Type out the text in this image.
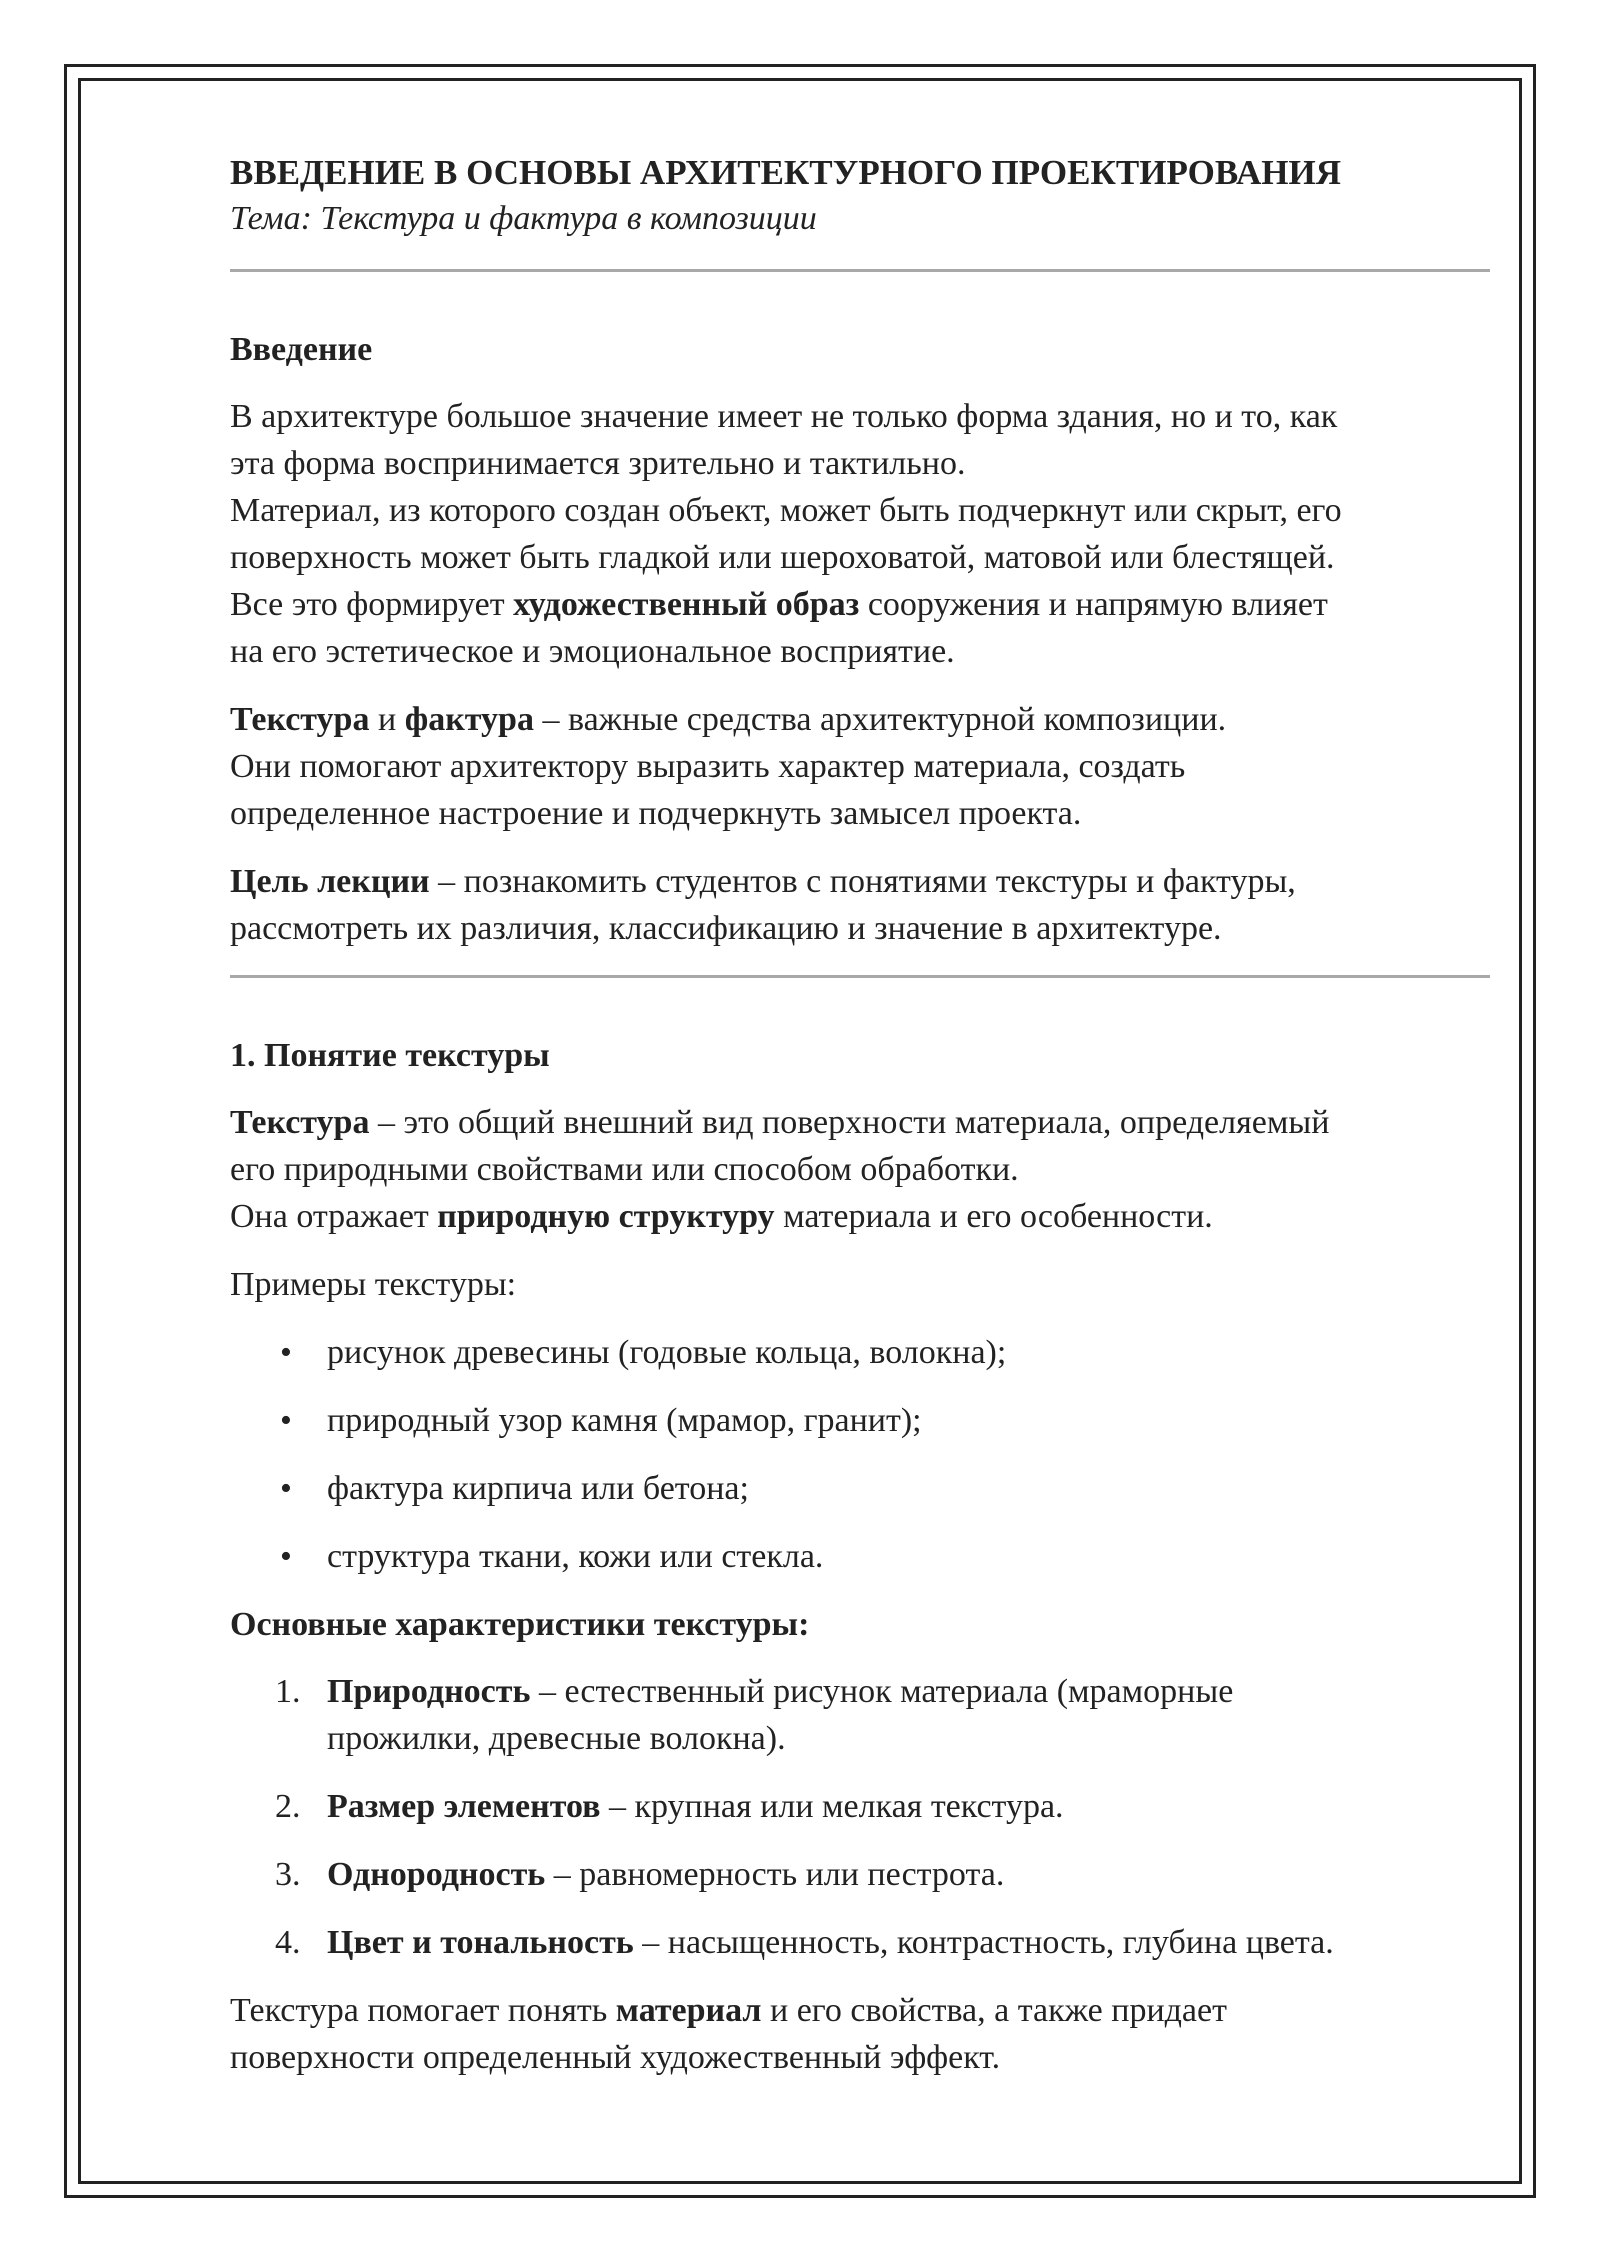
ВВЕДЕНИЕ В ОСНОВЫ АРХИТЕКТУРНОГО ПРОЕКТИРОВАНИЯ

Тема: Текстура и фактура в композиции

Введение

В архитектуре большое значение имеет не только форма здания, но и то, как
эта форма воспринимается зрительно и тактильно.
Материал, из которого создан объект, может быть подчеркнут или скрыт, его
поверхность может быть гладкой или шероховатой, матовой или блестящей.
Все это формирует художественный образ сооружения и напрямую влияет
на его эстетическое и эмоциональное восприятие.

Текстура и фактура – важные средства архитектурной композиции.
Они помогают архитектору выразить характер материала, создать
определенное настроение и подчеркнуть замысел проекта.

Цель лекции – познакомить студентов с понятиями текстуры и фактуры,
рассмотреть их различия, классификацию и значение в архитектуре.

1. Понятие текстуры

Текстура – это общий внешний вид поверхности материала, определяемый
его природными свойствами или способом обработки.
Она отражает природную структуру материала и его особенности.

Примеры текстуры:

• рисунок древесины (годовые кольца, волокна);
• природный узор камня (мрамор, гранит);
• фактура кирпича или бетона;
• структура ткани, кожи или стекла.
Основные характеристики текстуры:
1. Природность – естественный рисунок материала (мраморные
прожилки, древесные волокна).
2. Размер элементов – крупная или мелкая текстура.
3. Однородность – равномерность или пестрота.
4. Цвет и тональность – насыщенность, контрастность, глубина цвета.

Текстура помогает понять материал и его свойства, а также придает
поверхности определенный художественный эффект.
